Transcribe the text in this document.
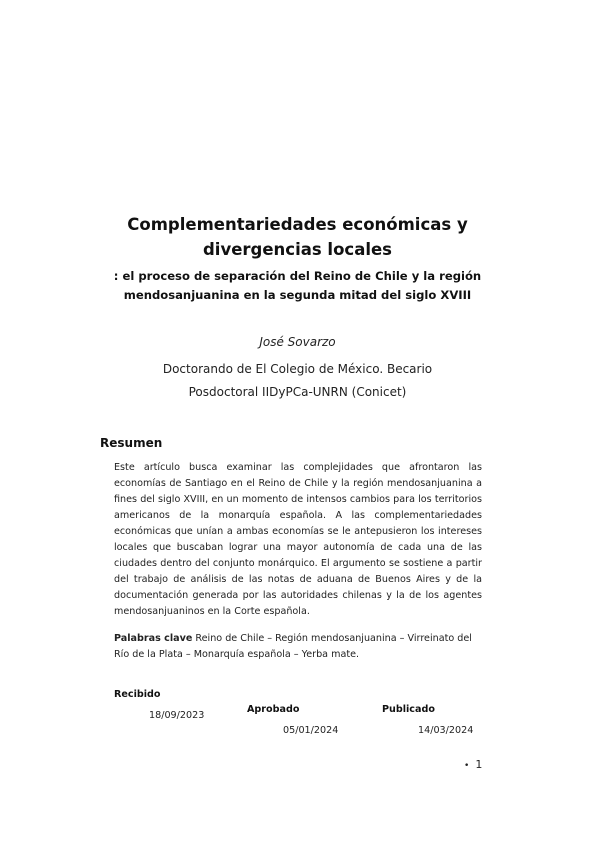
Complementariedades económicas y
divergencias locales
: el proceso de separación del Reino de Chile y la región
mendosanjuanina en la segunda mitad del siglo XVIII
José Sovarzo
Doctorando de El Colegio de México. Becario
Posdoctoral IIDyPCa-UNRN (Conicet)
Resumen

Este artículo busca examinar las complejidades que afrontaron las economías de Santiago en el Reino de Chile y la región mendosanjuanina a fines del siglo XVIII, en un momento de intensos cambios para los territorios americanos de la monarquía española. A las complementariedades económicas que unían a ambas economías se le antepusieron los intereses locales que buscaban lograr una mayor autonomía de cada una de las ciudades dentro del conjunto monárquico. El argumento se sostiene a partir del trabajo de análisis de las notas de aduana de Buenos Aires y de la documentación generada por las autoridades chilenas y la de los agentes mendosanjuaninos en la Corte española.

Palabras clave Reino de Chile – Región mendosanjuanina – Virreinato del Río de la Plata – Monarquía española – Yerba mate.

Recibido
18/09/2023
Aprobado
05/01/2024
Publicado
14/03/2024
• 1
